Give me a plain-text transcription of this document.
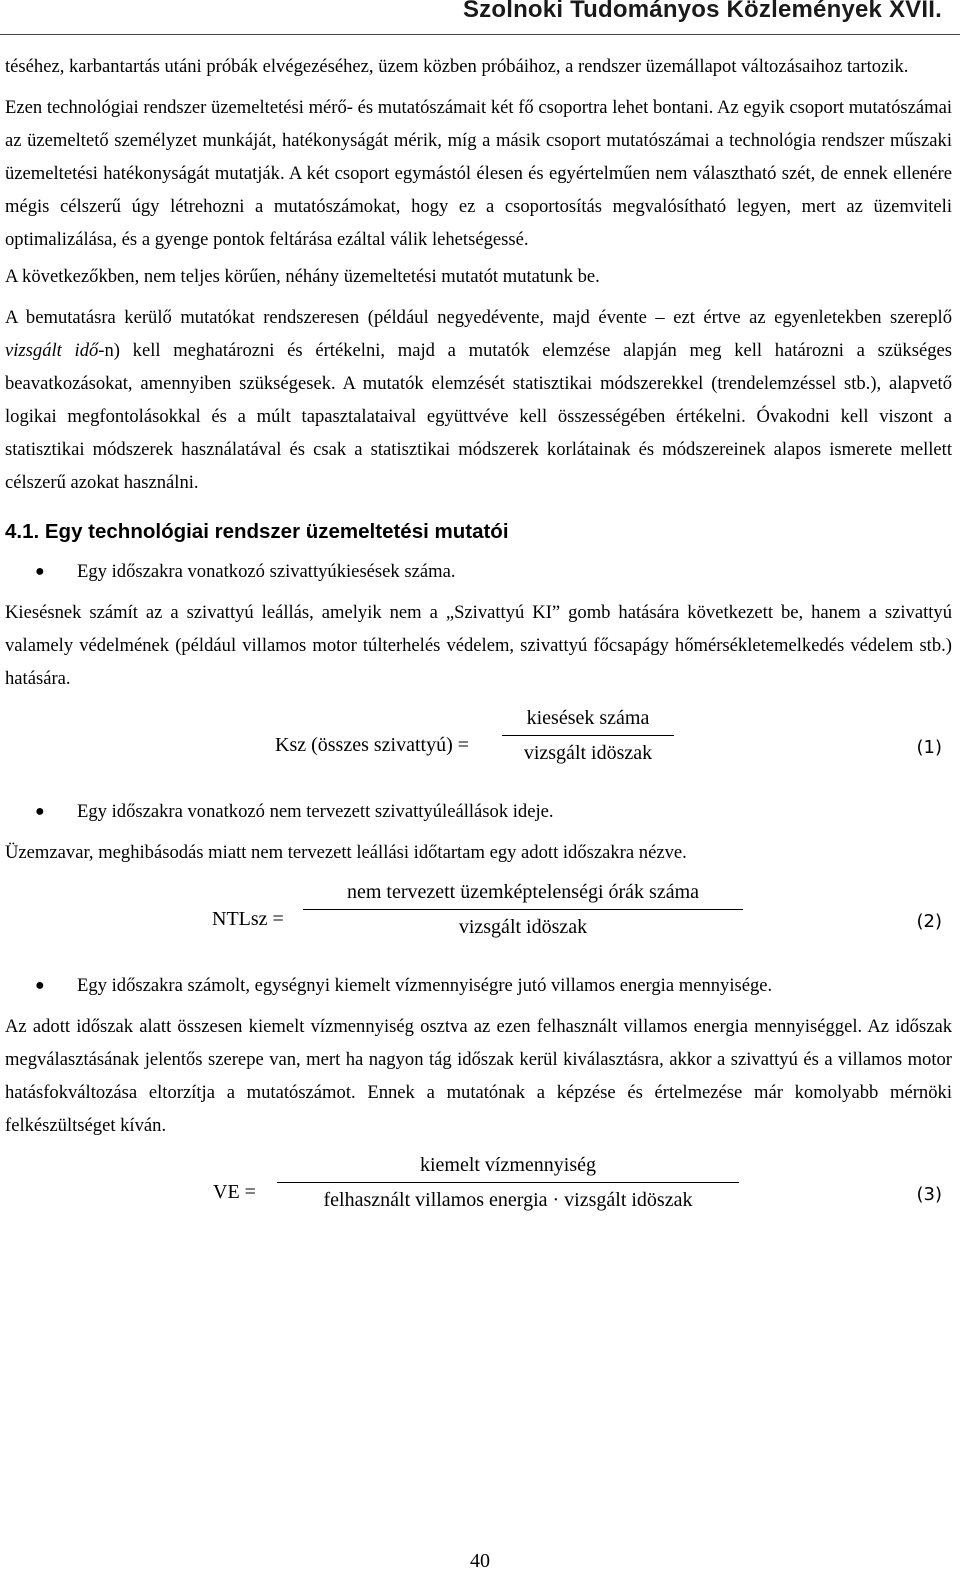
Szolnoki Tudományos Közlemények XVII.

téséhez, karbantartás utáni próbák elvégezéséhez, üzem közben próbáihoz, a rendszer üzemállapot változásaihoz tartozik.

Ezen technológiai rendszer üzemeltetési mérő- és mutatószámait két fő csoportra lehet bontani. Az egyik csoport mutatószámai az üzemeltető személyzet munkáját, hatékonyságát mérik, míg a másik csoport mutatószámai a technológia rendszer műszaki üzemeltetési hatékonyságát mutatják. A két csoport egymástól élesen és egyértelműen nem választható szét, de ennek ellenére mégis célszerű úgy létrehozni a mutatószámokat, hogy ez a csoportosítás megvalósítható legyen, mert az üzemviteli optimalizálása, és a gyenge pontok feltárása ezáltal válik lehetségessé.

A következőkben, nem teljes körűen, néhány üzemeltetési mutatót mutatunk be.

A bemutatásra kerülő mutatókat rendszeresen (például negyedévente, majd évente – ezt értve az egyenletekben szereplő vizsgált idő-n) kell meghatározni és értékelni, majd a mutatók elemzése alapján meg kell határozni a szükséges beavatkozásokat, amennyiben szükségesek. A mutatók elemzését statisztikai módszerekkel (trendelemzéssel stb.), alapvető logikai megfontolásokkal és a múlt tapasztalataival együttvéve kell összességében értékelni. Óvakodni kell viszont a statisztikai módszerek használatával és csak a statisztikai módszerek korlátainak és módszereinek alapos ismerete mellett célszerű azokat használni.

4.1. Egy technológiai rendszer üzemeltetési mutatói
●	Egy időszakra vonatkozó szivattyúkiesések száma.

Kiesésnek számít az a szivattyú leállás, amelyik nem a „Szivattyú KI” gomb hatására következett be, hanem a szivattyú valamely védelmének (például villamos motor túlterhelés védelem, szivattyú főcsapágy hőmérsékletemelkedés védelem stb.) hatására.

Ksz (összes szivattyú) =
kiesések száma
vizsgált idöszak	(1)
●	Egy időszakra vonatkozó nem tervezett szivattyúleállások ideje.

Üzemzavar, meghibásodás miatt nem tervezett leállási időtartam egy adott időszakra nézve.

NTLsz =
nem tervezett üzemképtelenségi órák száma
vizsgált idöszak	(2)
●	Egy időszakra számolt, egységnyi kiemelt vízmennyiségre jutó villamos energia mennyisége.

Az adott időszak alatt összesen kiemelt vízmennyiség osztva az ezen felhasznált villamos energia mennyiséggel. Az időszak megválasztásának jelentős szerepe van, mert ha nagyon tág időszak kerül kiválasztásra, akkor a szivattyú és a villamos motor hatásfokváltozása eltorzítja a mutatószámot. Ennek a mutatónak a képzése és értelmezése már komolyabb mérnöki felkészültséget kíván.

VE =
kiemelt vízmennyiség
felhasznált villamos energia · vizsgált idöszak	(3)
40
